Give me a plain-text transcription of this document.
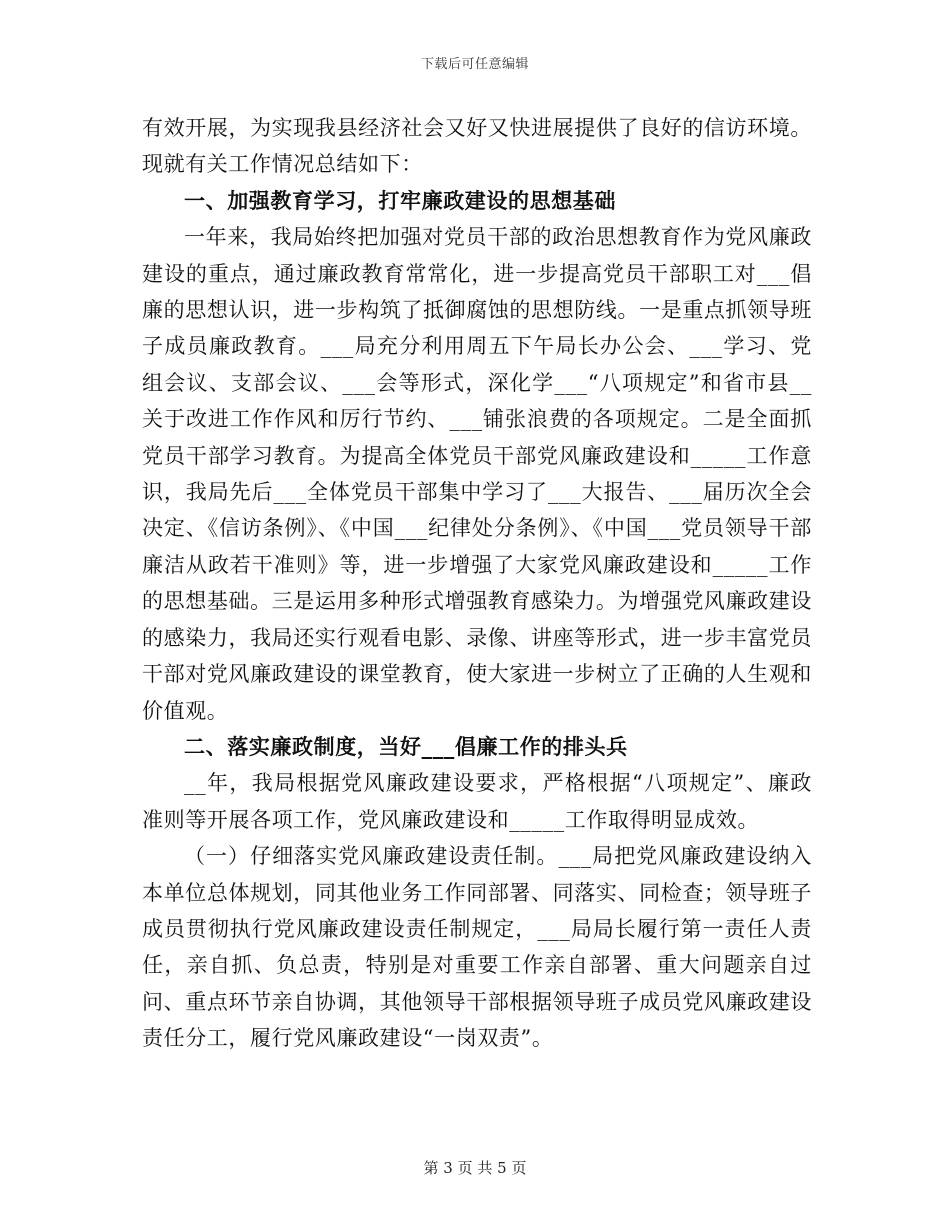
下载后可任意编辑

有效开展，为实现我县经济社会又好又快进展提供了良好的信访环境。现就有关工作情况总结如下：

一、加强教育学习，打牢廉政建设的思想基础

一年来，我局始终把加强对党员干部的政治思想教育作为党风廉政建设的重点，通过廉政教育常常化，进一步提高党员干部职工对___倡廉的思想认识，进一步构筑了抵御腐蚀的思想防线。一是重点抓领导班子成员廉政教育。___局充分利用周五下午局长办公会、___学习、党组会议、支部会议、___会等形式，深化学___“八项规定”和省市县__关于改进工作作风和厉行节约、___铺张浪费的各项规定。二是全面抓党员干部学习教育。为提高全体党员干部党风廉政建设和_____工作意识，我局先后___全体党员干部集中学习了___大报告、___届历次全会决定、《信访条例》、《中国___纪律处分条例》、《中国___党员领导干部廉洁从政若干准则》等，进一步增强了大家党风廉政建设和_____工作的思想基础。三是运用多种形式增强教育感染力。为增强党风廉政建设的感染力，我局还实行观看电影、录像、讲座等形式，进一步丰富党员干部对党风廉政建设的课堂教育，使大家进一步树立了正确的人生观和价值观。

二、落实廉政制度，当好___倡廉工作的排头兵

__年，我局根据党风廉政建设要求，严格根据“八项规定”、廉政准则等开展各项工作，党风廉政建设和_____工作取得明显成效。

（一）仔细落实党风廉政建设责任制。___局把党风廉政建设纳入本单位总体规划，同其他业务工作同部署、同落实、同检查；领导班子成员贯彻执行党风廉政建设责任制规定，___局局长履行第一责任人责任，亲自抓、负总责，特别是对重要工作亲自部署、重大问题亲自过问、重点环节亲自协调，其他领导干部根据领导班子成员党风廉政建设责任分工，履行党风廉政建设“一岗双责”。

第 3 页 共 5 页
